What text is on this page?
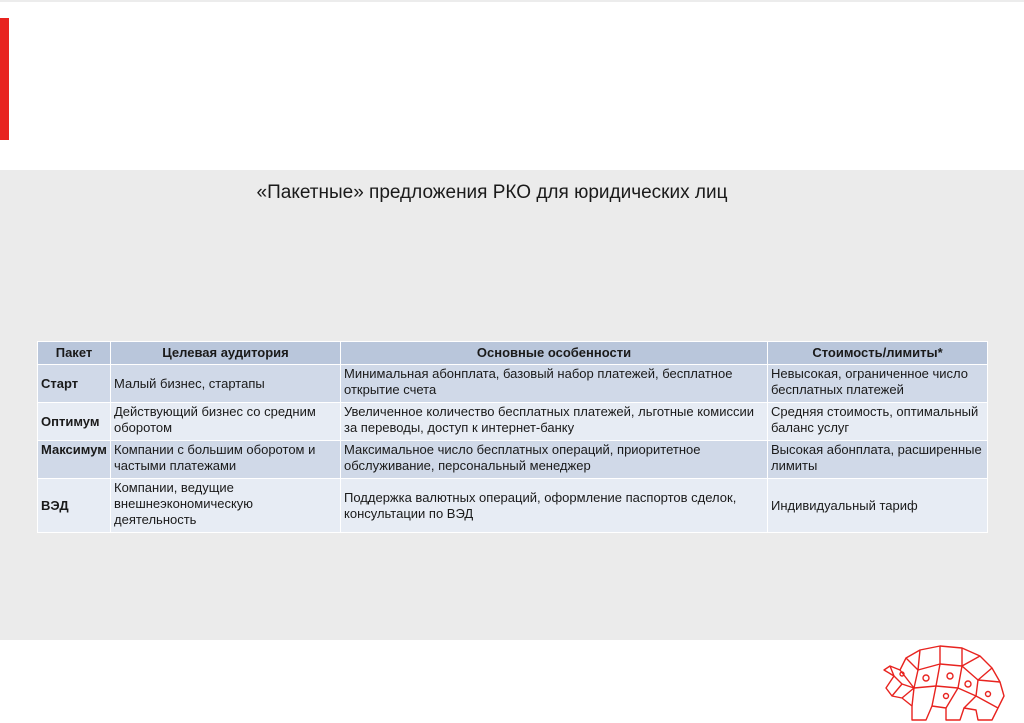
«Пакетные» предложения РКО для юридических лиц
Пакет	Целевая аудитория	Основные особенности	Стоимость/лимиты*
Старт	Малый бизнес, стартапы	Минимальная абонплата, базовый набор платежей, бесплатное открытие счета	Невысокая, ограниченное число бесплатных платежей
Оптимум	Действующий бизнес со средним оборотом	Увеличенное количество бесплатных платежей, льготные комиссии за переводы, доступ к интернет-банку	Средняя стоимость, оптимальный баланс услуг
Максимум	Компании с большим оборотом и частыми платежами	Максимальное число бесплатных операций, приоритетное обслуживание, персональный менеджер	Высокая абонплата, расширенные лимиты
ВЭД	Компании, ведущие внешнеэкономическую деятельность	Поддержка валютных операций, оформление паспортов сделок, консультации по ВЭД	Индивидуальный тариф
